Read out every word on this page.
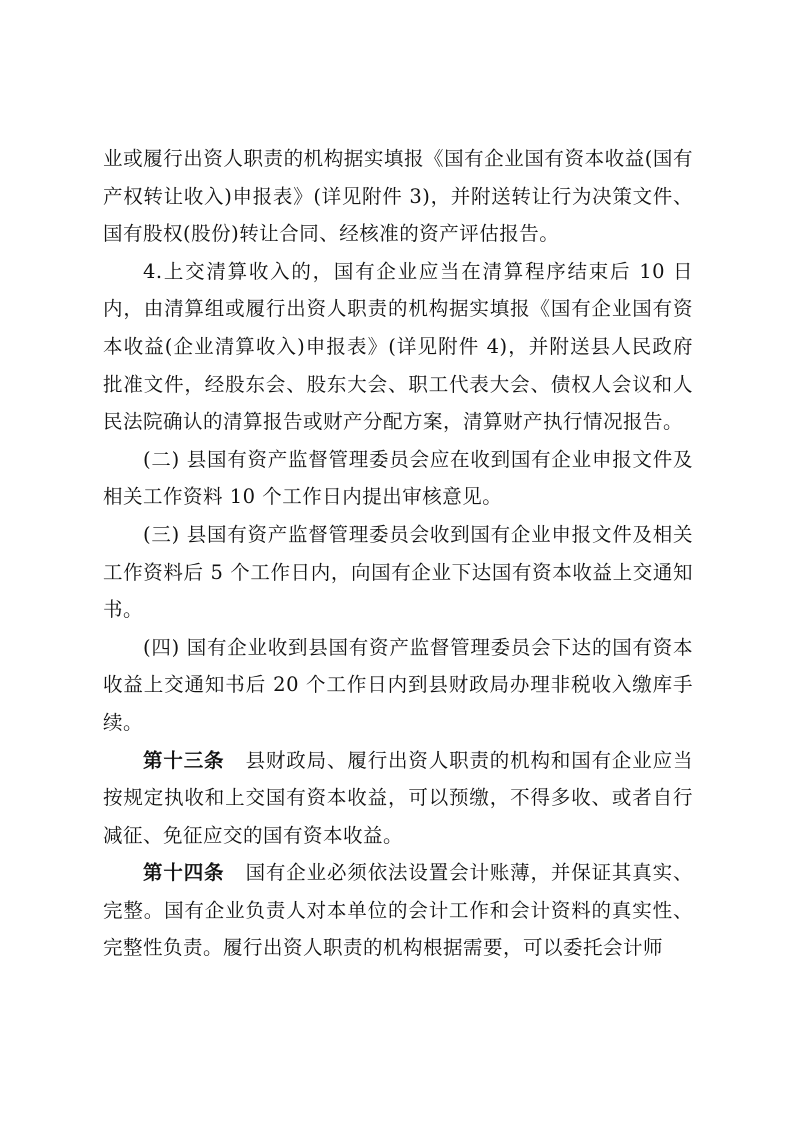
业或履行出资人职责的机构据实填报《国有企业国有资本收益(国有产权转让收入)申报表》(详见附件 3)，并附送转让行为决策文件、国有股权(股份)转让合同、经核准的资产评估报告。

4.上交清算收入的，国有企业应当在清算程序结束后 10 日内，由清算组或履行出资人职责的机构据实填报《国有企业国有资本收益(企业清算收入)申报表》(详见附件 4)，并附送县人民政府批准文件，经股东会、股东大会、职工代表大会、债权人会议和人民法院确认的清算报告或财产分配方案，清算财产执行情况报告。

(二) 县国有资产监督管理委员会应在收到国有企业申报文件及相关工作资料 10 个工作日内提出审核意见。

(三) 县国有资产监督管理委员会收到国有企业申报文件及相关工作资料后 5 个工作日内，向国有企业下达国有资本收益上交通知书。

(四) 国有企业收到县国有资产监督管理委员会下达的国有资本收益上交通知书后 20 个工作日内到县财政局办理非税收入缴库手续。

第十三条 县财政局、履行出资人职责的机构和国有企业应当按规定执收和上交国有资本收益，可以预缴，不得多收、或者自行减征、免征应交的国有资本收益。

第十四条 国有企业必须依法设置会计账薄，并保证其真实、完整。国有企业负责人对本单位的会计工作和会计资料的真实性、完整性负责。履行出资人职责的机构根据需要，可以委托会计师
